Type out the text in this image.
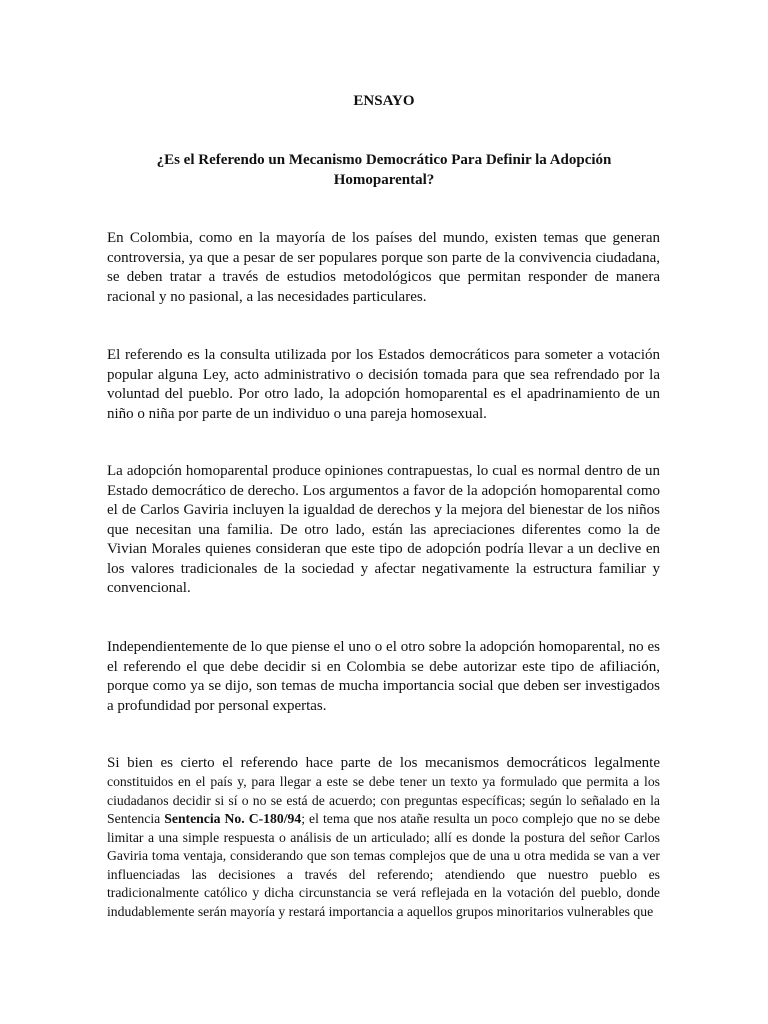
ENSAYO
¿Es el Referendo un Mecanismo Democrático Para Definir la Adopción Homoparental?

En Colombia, como en la mayoría de los países del mundo, existen temas que generan controversia, ya que a pesar de ser populares porque son parte de la convivencia ciudadana, se deben tratar a través de estudios metodológicos que permitan responder de manera racional y no pasional, a las necesidades particulares.

El referendo es la consulta utilizada por los Estados democráticos para someter a votación popular alguna Ley, acto administrativo o decisión tomada para que sea refrendado por la voluntad del pueblo. Por otro lado, la adopción homoparental es el apadrinamiento de un niño o niña por parte de un individuo o una pareja homosexual.

La adopción homoparental produce opiniones contrapuestas, lo cual es normal dentro de un Estado democrático de derecho. Los argumentos a favor de la adopción homoparental como el de Carlos Gaviria incluyen la igualdad de derechos y la mejora del bienestar de los niños que necesitan una familia. De otro lado, están las apreciaciones diferentes como la de Vivian Morales quienes consideran que este tipo de adopción podría llevar a un declive en los valores tradicionales de la sociedad y afectar negativamente la estructura familiar y convencional.

Independientemente de lo que piense el uno o el otro sobre la adopción homoparental, no es el referendo el que debe decidir si en Colombia se debe autorizar este tipo de afiliación, porque como ya se dijo, son temas de mucha importancia social que deben ser investigados a profundidad por personal expertas.

Si bien es cierto el referendo hace parte de los mecanismos democráticos legalmente
constituidos en el país y, para llegar a este se debe tener un texto ya formulado que permita a los ciudadanos decidir si sí o no se está de acuerdo; con preguntas específicas; según lo señalado en la Sentencia Sentencia No. C-180/94; el tema que nos atañe resulta un poco complejo que no se debe limitar a una simple respuesta o análisis de un articulado; allí es donde la postura del señor Carlos Gaviria toma ventaja, considerando que son temas complejos que de una u otra medida se van a ver influenciadas las decisiones a través del referendo; atendiendo que nuestro pueblo es tradicionalmente católico y dicha circunstancia se verá reflejada en la votación del pueblo, donde indudablemente serán mayoría y restará importancia a aquellos grupos minoritarios vulnerables que
